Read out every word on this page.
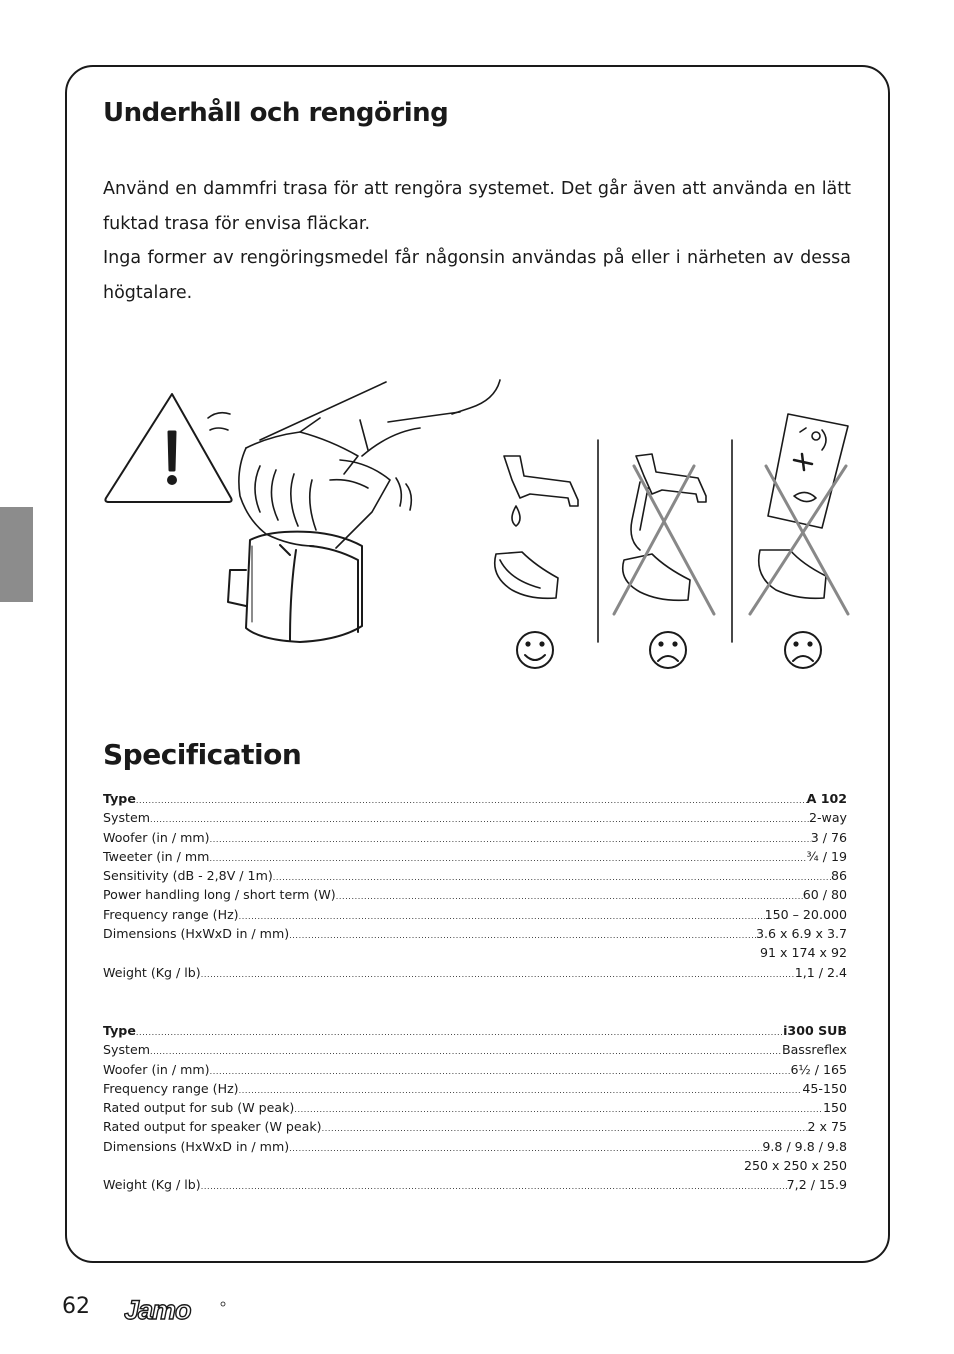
Underhåll och rengöring

Använd en dammfri trasa för att rengöra systemet. Det går även att använda en lätt fuktad trasa för envisa fläckar.

Inga former av rengöringsmedel får någonsin användas på eller i närheten av dessa högtalare.

Specification
Type .....	A 102
System .....	2-way
Woofer (in / mm) .....	3 / 76
Tweeter (in / mm .....	¾ / 19
Sensitivity (dB - 2,8V / 1m) .....	86
Power handling long / short term (W) .....	60 / 80
Frequency range (Hz) .....	150 – 20.000
Dimensions (HxWxD in / mm) .....	3.6 x 6.9 x 3.7
91 x 174 x 92
Weight (Kg / lb) .....	1,1 / 2.4
Type .....	i300 SUB
System .....	Bassreflex
Woofer (in / mm) .....	6½ / 165
Frequency range (Hz) .....	45-150
Rated output for sub (W peak) .....	150
Rated output for speaker (W peak) .....	2 x 75
Dimensions (HxWxD in / mm) .....	9.8 / 9.8 / 9.8
250 x 250 x 250
Weight (Kg / lb) .....	7,2 / 15.9
62 Jamo
